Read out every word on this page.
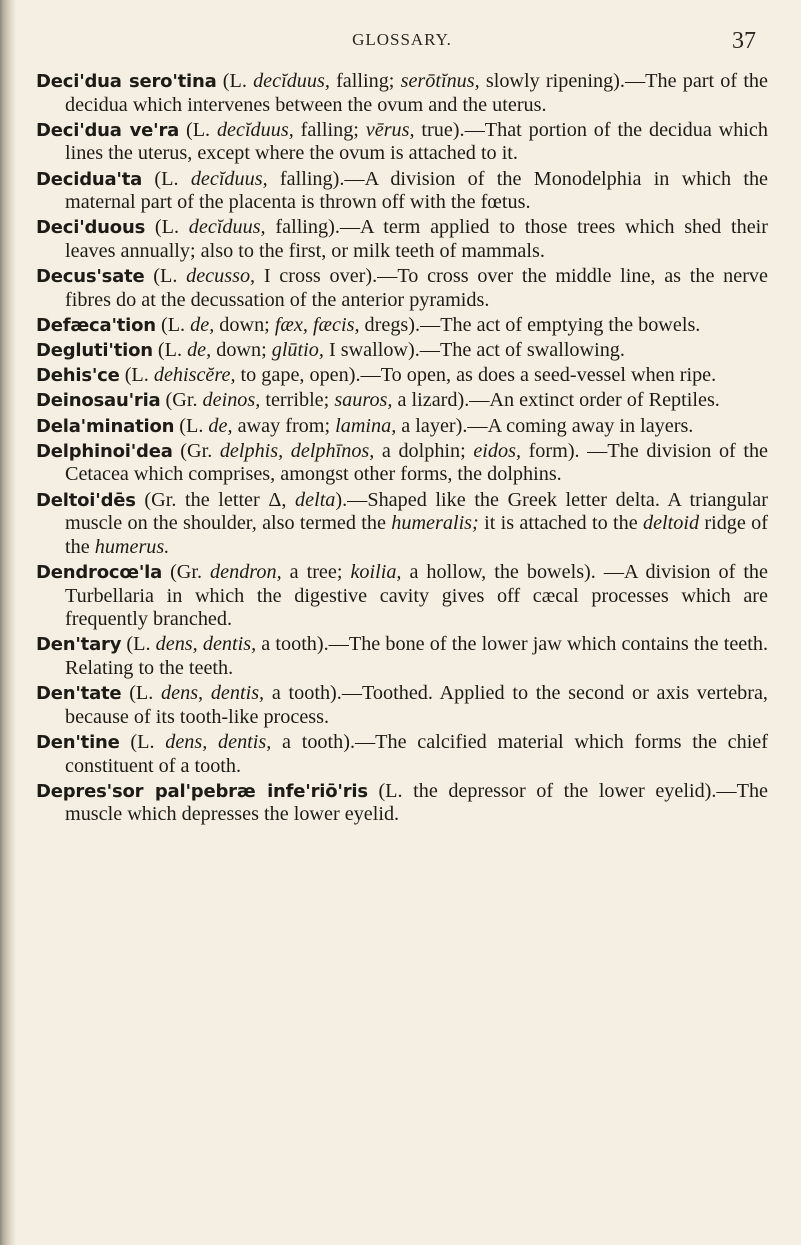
GLOSSARY.	37

Deci'dua sero'tina (L. decĭduus, falling; serōtĭnus, slowly ripening).—The part of the decidua which intervenes between the ovum and the uterus.

Deci'dua ve'ra (L. decĭduus, falling; vērus, true).—That portion of the decidua which lines the uterus, except where the ovum is attached to it.

Decidua'ta (L. decĭduus, falling).—A division of the Monodelphia in which the maternal part of the placenta is thrown off with the fœtus.

Deci'duous (L. decĭduus, falling).—A term applied to those trees which shed their leaves annually; also to the first, or milk teeth of mammals.

Decus'sate (L. decusso, I cross over).—To cross over the middle line, as the nerve fibres do at the decussation of the anterior pyramids.

Defæca'tion (L. de, down; fæx, fæcis, dregs).—The act of emptying the bowels.

Degluti'tion (L. de, down; glūtio, I swallow).—The act of swallowing.

Dehis'ce (L. dehiscĕre, to gape, open).—To open, as does a seed-vessel when ripe.

Deinosau'ria (Gr. deinos, terrible; sauros, a lizard).—An extinct order of Reptiles.

Dela'mination (L. de, away from; lamina, a layer).—A coming away in layers.

Delphinoi'dea (Gr. delphis, delphīnos, a dolphin; eidos, form). —The division of the Cetacea which comprises, amongst other forms, the dolphins.

Deltoi'dēs (Gr. the letter Δ, delta).—Shaped like the Greek letter delta. A triangular muscle on the shoulder, also termed the humeralis; it is attached to the deltoid ridge of the humerus.

Dendrocœ'la (Gr. dendron, a tree; koilia, a hollow, the bowels). —A division of the Turbellaria in which the digestive cavity gives off cæcal processes which are frequently branched.

Den'tary (L. dens, dentis, a tooth).—The bone of the lower jaw which contains the teeth. Relating to the teeth.

Den'tate (L. dens, dentis, a tooth).—Toothed. Applied to the second or axis vertebra, because of its tooth-like process.

Den'tine (L. dens, dentis, a tooth).—The calcified material which forms the chief constituent of a tooth.

Depres'sor pal'pebræ infe'riō'ris (L. the depressor of the lower eyelid).—The muscle which depresses the lower eyelid.
